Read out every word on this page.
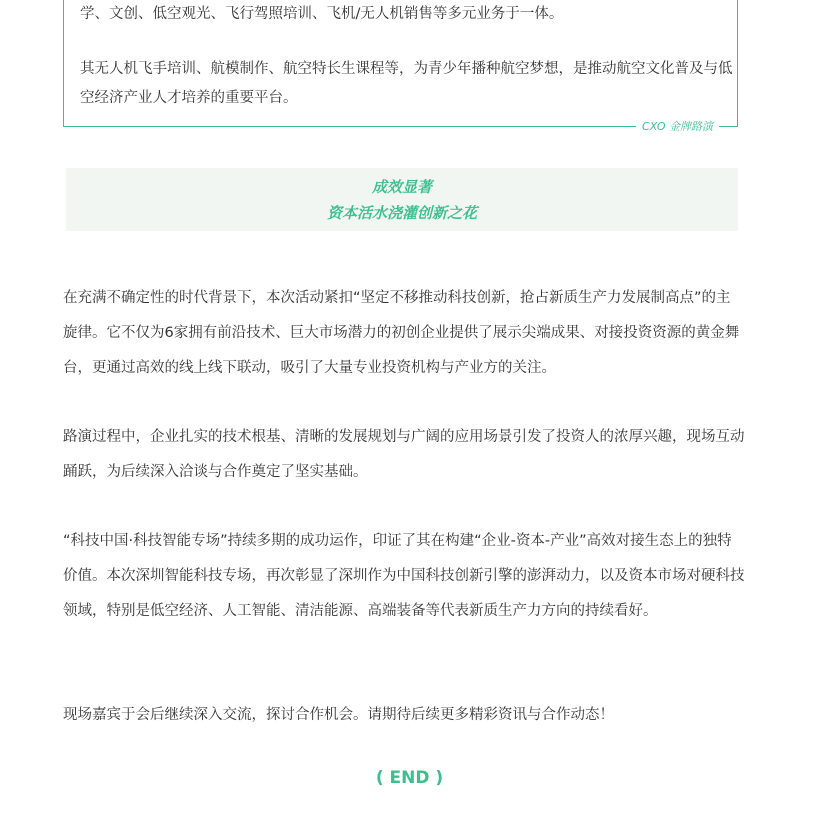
学、文创、低空观光、飞行驾照培训、飞机/无人机销售等多元业务于一体。

其无人机飞手培训、航模制作、航空特长生课程等，为青少年播种航空梦想，是推动航空文化普及与低空经济产业人才培养的重要平台。

CXO 金牌路演
成效显著
资本活水浇灌创新之花

在充满不确定性的时代背景下，本次活动紧扣“坚定不移推动科技创新，抢占新质生产力发展制高点”的主旋律。它不仅为6家拥有前沿技术、巨大市场潜力的初创企业提供了展示尖端成果、对接投资资源的黄金舞台，更通过高效的线上线下联动，吸引了大量专业投资机构与产业方的关注。

路演过程中，企业扎实的技术根基、清晰的发展规划与广阔的应用场景引发了投资人的浓厚兴趣，现场互动踊跃，为后续深入洽谈与合作奠定了坚实基础。

“科技中国·科技智能专场”持续多期的成功运作，印证了其在构建“企业-资本-产业”高效对接生态上的独特价值。本次深圳智能科技专场，再次彰显了深圳作为中国科技创新引擎的澎湃动力，以及资本市场对硬科技领域，特别是低空经济、人工智能、清洁能源、高端装备等代表新质生产力方向的持续看好。

现场嘉宾于会后继续深入交流，探讨合作机会。请期待后续更多精彩资讯与合作动态！

( END )
